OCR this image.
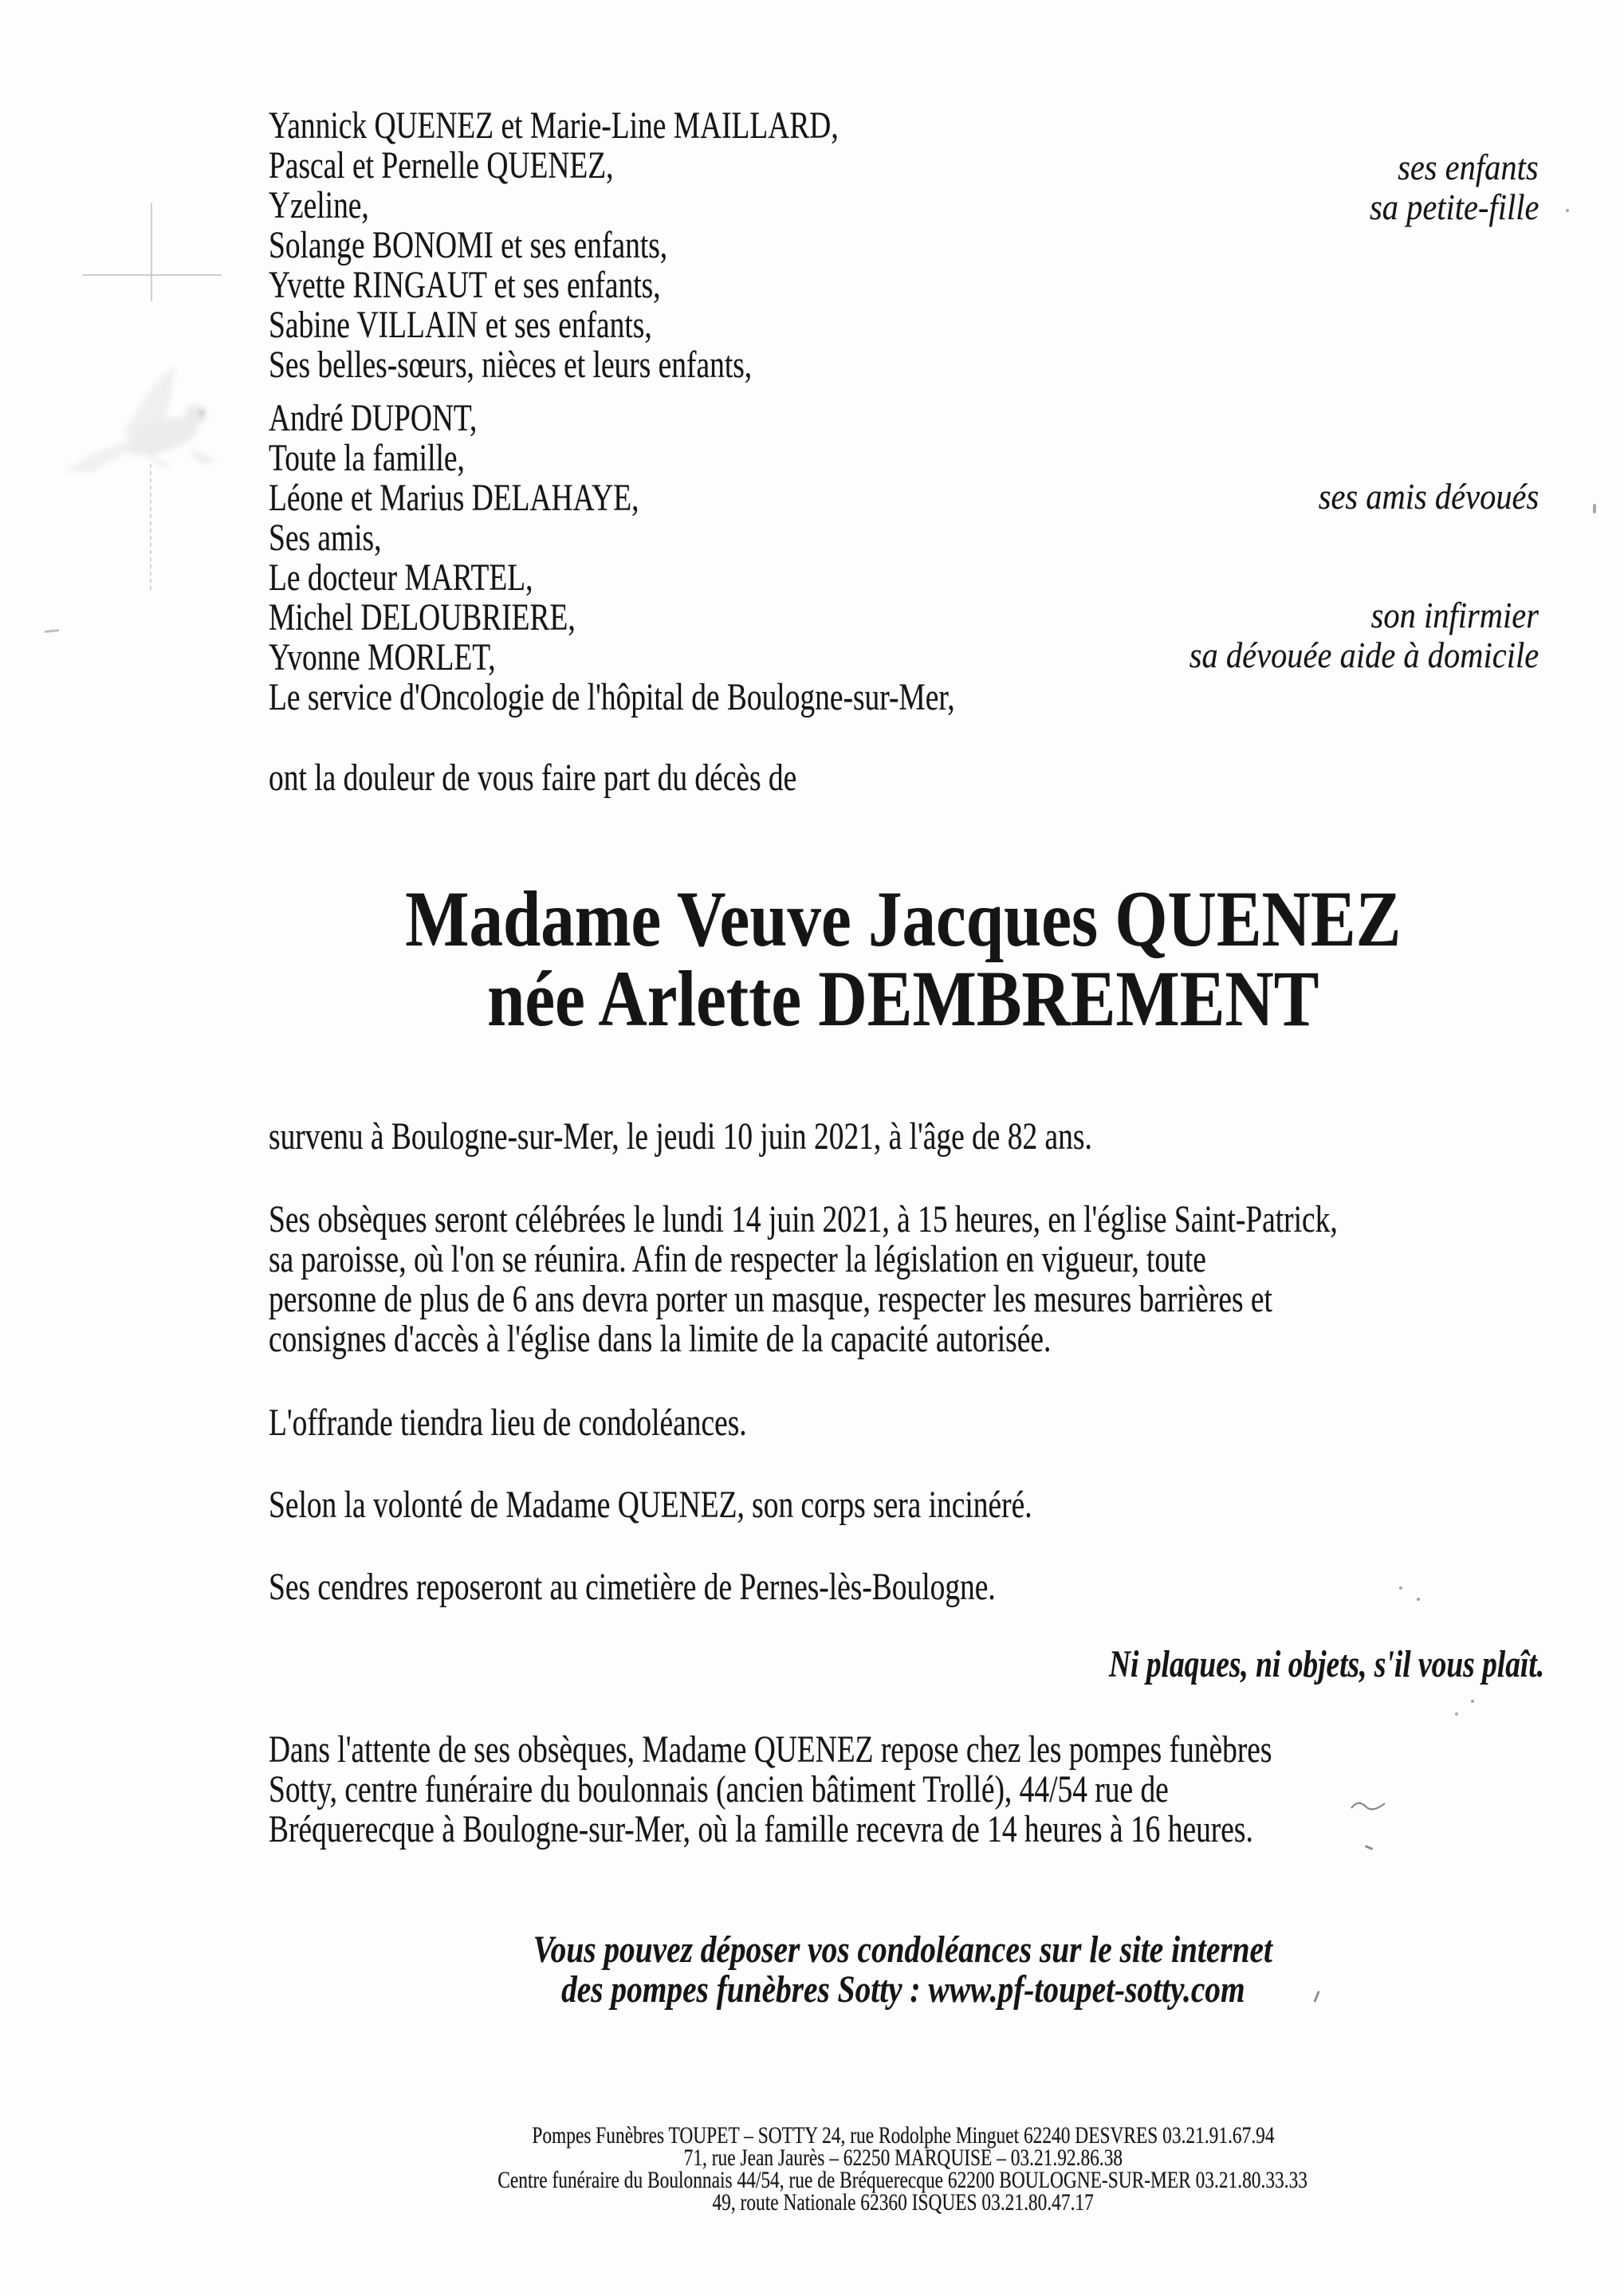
Yannick QUENEZ et Marie-Line MAILLARD,
Pascal et Pernelle QUENEZ,
Yzeline,
Solange BONOMI et ses enfants,
Yvette RINGAUT et ses enfants,
Sabine VILLAIN et ses enfants,
Ses belles-sœurs, nièces et leurs enfants,
André DUPONT,
Toute la famille,
Léone et Marius DELAHAYE,
Ses amis,
Le docteur MARTEL,
Michel DELOUBRIERE,
Yvonne MORLET,
Le service d'Oncologie de l'hôpital de Boulogne-sur-Mer,
ses enfants
sa petite-fille
ses amis dévoués
son infirmier
sa dévouée aide à domicile
ont la douleur de vous faire part du décès de
Madame Veuve Jacques QUENEZ
née Arlette DEMBREMENT
survenu à Boulogne-sur-Mer, le jeudi 10 juin 2021, à l'âge de 82 ans.
Ses obsèques seront célébrées le lundi 14 juin 2021, à 15 heures, en l'église Saint-Patrick,
sa paroisse, où l'on se réunira. Afin de respecter la législation en vigueur, toute
personne de plus de 6 ans devra porter un masque, respecter les mesures barrières et
consignes d'accès à l'église dans la limite de la capacité autorisée.
L'offrande tiendra lieu de condoléances.
Selon la volonté de Madame QUENEZ, son corps sera incinéré.
Ses cendres reposeront au cimetière de Pernes-lès-Boulogne.
Ni plaques, ni objets, s'il vous plaît.
Dans l'attente de ses obsèques, Madame QUENEZ repose chez les pompes funèbres
Sotty, centre funéraire du boulonnais (ancien bâtiment Trollé), 44/54 rue de
Bréquerecque à Boulogne-sur-Mer, où la famille recevra de 14 heures à 16 heures.
Vous pouvez déposer vos condoléances sur le site internet
des pompes funèbres Sotty : www.pf-toupet-sotty.com
Pompes Funèbres TOUPET – SOTTY 24, rue Rodolphe Minguet 62240 DESVRES 03.21.91.67.94
71, rue Jean Jaurès – 62250 MARQUISE – 03.21.92.86.38
Centre funéraire du Boulonnais 44/54, rue de Bréquerecque 62200 BOULOGNE-SUR-MER 03.21.80.33.33
49, route Nationale 62360 ISQUES 03.21.80.47.17
